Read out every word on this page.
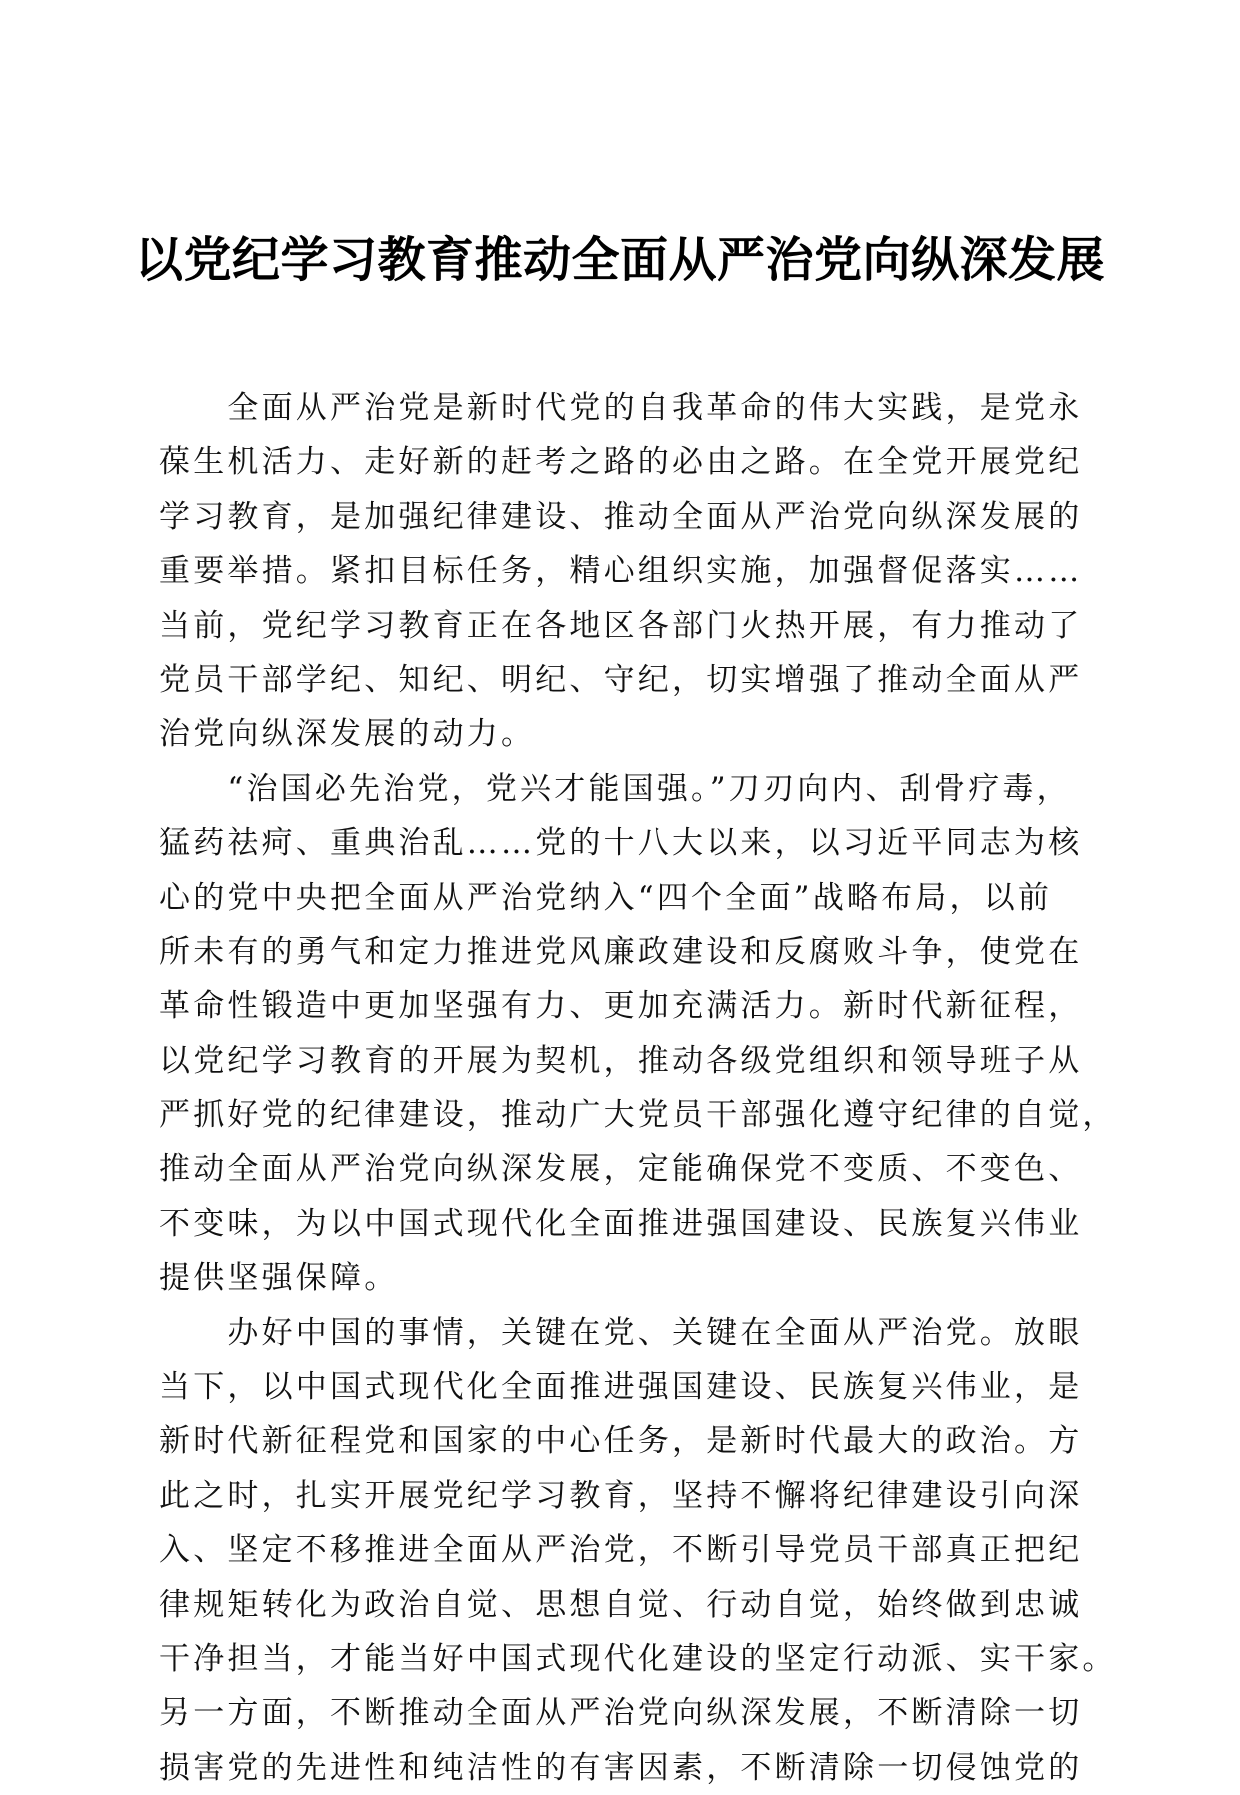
以党纪学习教育推动全面从严治党向纵深发展
　　全面从严治党是新时代党的自我革命的伟大实践，是党永
葆生机活力、走好新的赶考之路的必由之路。在全党开展党纪
学习教育，是加强纪律建设、推动全面从严治党向纵深发展的
重要举措。紧扣目标任务，精心组织实施，加强督促落实……
当前，党纪学习教育正在各地区各部门火热开展，有力推动了
党员干部学纪、知纪、明纪、守纪，切实增强了推动全面从严
治党向纵深发展的动力。
　　“治国必先治党，党兴才能国强。”刀刃向内、刮骨疗毒，
猛药祛疴、重典治乱……党的十八大以来，以习近平同志为核
心的党中央把全面从严治党纳入“四个全面”战略布局，以前
所未有的勇气和定力推进党风廉政建设和反腐败斗争，使党在
革命性锻造中更加坚强有力、更加充满活力。新时代新征程，
以党纪学习教育的开展为契机，推动各级党组织和领导班子从
严抓好党的纪律建设，推动广大党员干部强化遵守纪律的自觉，
推动全面从严治党向纵深发展，定能确保党不变质、不变色、
不变味，为以中国式现代化全面推进强国建设、民族复兴伟业
提供坚强保障。
　　办好中国的事情，关键在党、关键在全面从严治党。放眼
当下，以中国式现代化全面推进强国建设、民族复兴伟业，是
新时代新征程党和国家的中心任务，是新时代最大的政治。方
此之时，扎实开展党纪学习教育，坚持不懈将纪律建设引向深
入、坚定不移推进全面从严治党，不断引导党员干部真正把纪
律规矩转化为政治自觉、思想自觉、行动自觉，始终做到忠诚
干净担当，才能当好中国式现代化建设的坚定行动派、实干家。
另一方面，不断推动全面从严治党向纵深发展，不断清除一切
损害党的先进性和纯洁性的有害因素，不断清除一切侵蚀党的
